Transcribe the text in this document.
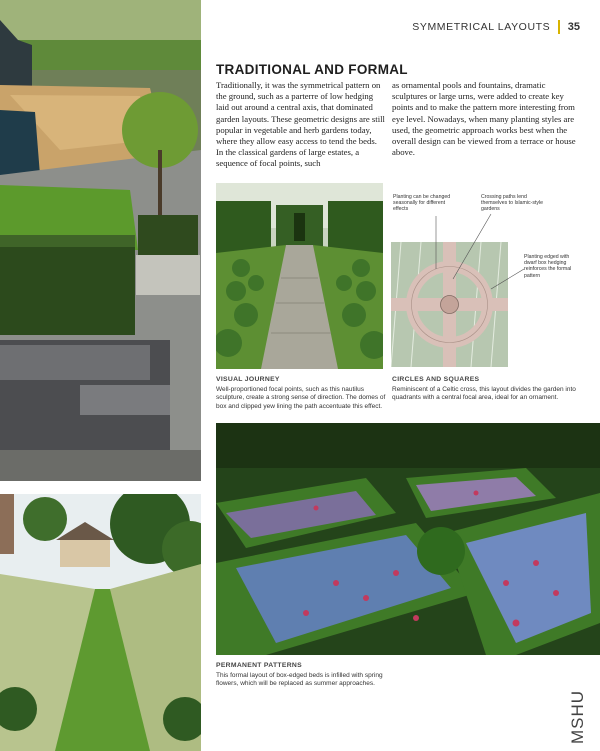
SYMMETRICAL LAYOUTS 35
TRADITIONAL AND FORMAL
Traditionally, it was the symmetrical pattern on the ground, such as a parterre of low hedging laid out around a central axis, that dominated garden layouts. These geometric designs are still popular in vegetable and herb gardens today, where they allow easy access to tend the beds. In the classical gardens of large estates, a sequence of focal points, such
as ornamental pools and fountains, dramatic sculptures or large urns, were added to create key points and to make the pattern more interesting from eye level. Nowadays, when many planting styles are used, the geometric approach works best when the overall design can be viewed from a terrace or house above.
VISUAL JOURNEY
Well-proportioned focal points, such as this nautilus sculpture, create a strong sense of direction. The domes of box and clipped yew lining the path accentuate this effect.
Planting can be changed seasonally for different effects
Crossing paths lend themselves to Islamic-style gardens
Planting edged with dwarf box hedging reinforces the formal pattern
CIRCLES AND SQUARES
Reminiscent of a Celtic cross, this layout divides the garden into quadrants with a central focal area, ideal for an ornament.
PERMANENT PATTERNS
This formal layout of box-edged beds is infilled with spring flowers, which will be replaced as summer approaches.
MSHU
